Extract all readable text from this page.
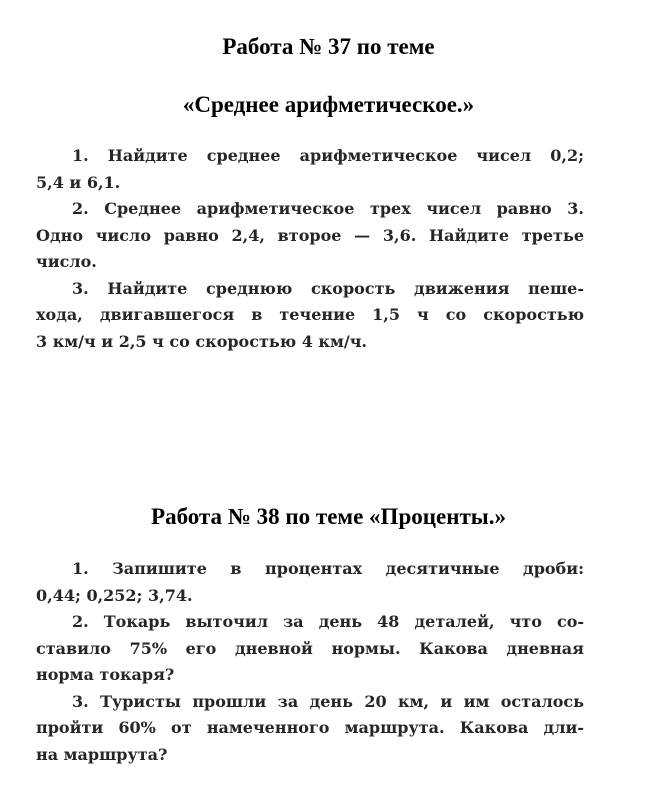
Работа № 37 по теме
«Среднее арифметическое.»
1. Найдите среднее арифметическое чисел 0,2;
5,4 и 6,1.
2. Среднее арифметическое трех чисел равно 3.
Одно число равно 2,4, второе — 3,6. Найдите третье
число.
3. Найдите среднюю скорость движения пеше-
хода, двигавшегося в течение 1,5 ч со скоростью
3 км/ч и 2,5 ч со скоростью 4 км/ч.
Работа № 38 по теме «Проценты.»
1. Запишите в процентах десятичные дроби:
0,44; 0,252; 3,74.
2. Токарь выточил за день 48 деталей, что со-
ставило 75% его дневной нормы. Какова дневная
норма токаря?
3. Туристы прошли за день 20 км, и им осталось
пройти 60% от намеченного маршрута. Какова дли-
на маршрута?
